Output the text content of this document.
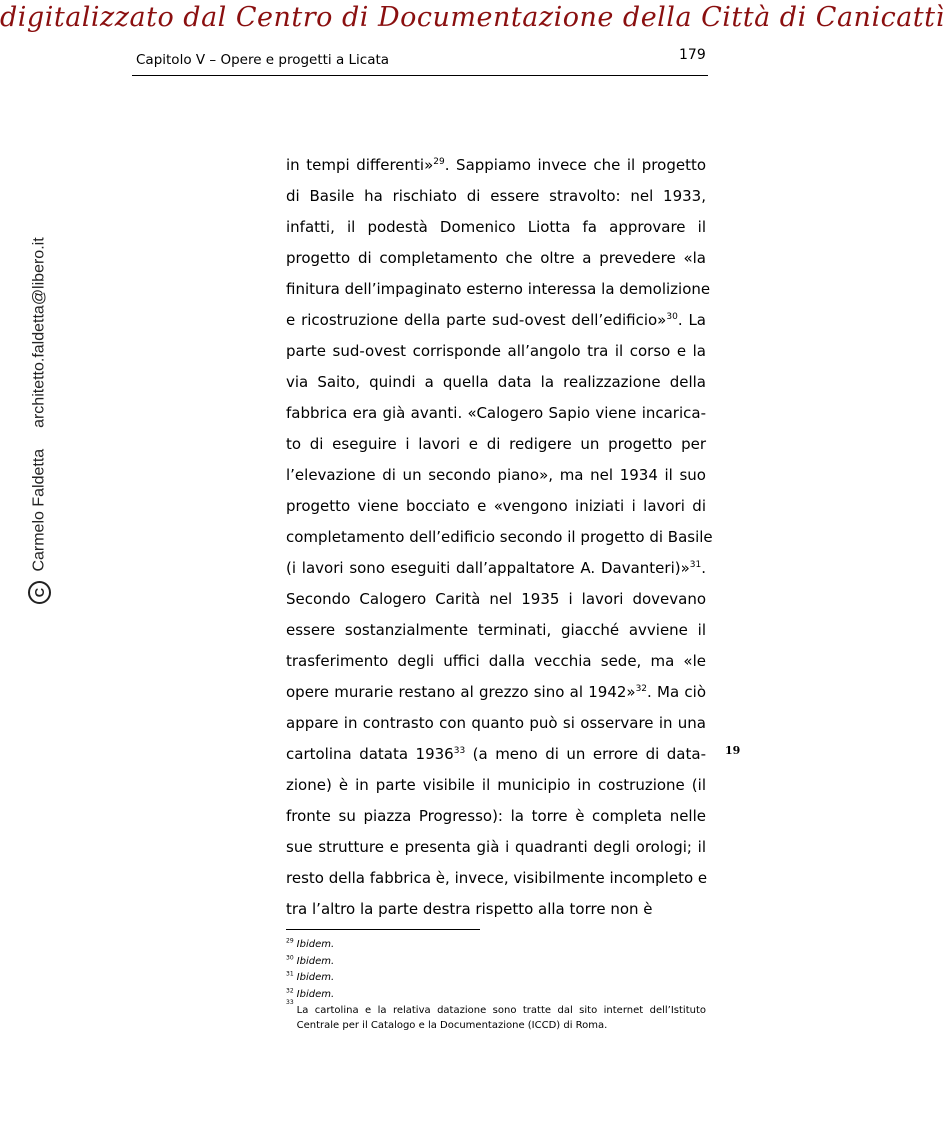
digitalizzato dal Centro di Documentazione della Città di Canicattì
Capitolo V – Opere e progetti a Licata	179
C Carmelo Faldetta  architetto.faldetta@libero.it
in tempi differenti»$^{29}$. Sappiamo invece che il progetto
di Basile ha rischiato di essere stravolto: nel 1933,
infatti, il podestà Domenico Liotta fa approvare il
progetto di completamento che oltre a prevedere «la
finitura dell’impaginato esterno interessa la demolizione
e ricostruzione della parte sud-ovest dell’edificio»$^{30}$. La
parte sud-ovest corrisponde all’angolo tra il corso e la
via Saito, quindi a quella data la realizzazione della
fabbrica era già avanti. «Calogero Sapio viene incarica-
to di eseguire i lavori e di redigere un progetto per
l’elevazione di un secondo piano», ma nel 1934 il suo
progetto viene bocciato e «vengono iniziati i lavori di
completamento dell’edificio secondo il progetto di Basile
(i lavori sono eseguiti dall’appaltatore A. Davanteri)»$^{31}$.
Secondo Calogero Carità nel 1935 i lavori dovevano
essere sostanzialmente terminati, giacché avviene il
trasferimento degli uffici dalla vecchia sede, ma «le
opere murarie restano al grezzo sino al 1942»$^{32}$. Ma ciò
appare in contrasto con quanto può si osservare in una
cartolina datata 1936$^{33}$ (a meno di un errore di data-
zione) è in parte visibile il municipio in costruzione (il
fronte su piazza Progresso): la torre è completa nelle
sue strutture e presenta già i quadranti degli orologi; il
resto della fabbrica è, invece, visibilmente incompleto e
tra l’altro la parte destra rispetto alla torre non è
19
$^{29}$ Ibidem.
$^{30}$ Ibidem.
$^{31}$ Ibidem.
$^{32}$ Ibidem.
33
La cartolina e la relativa datazione sono tratte dal sito internet dell’Istituto
Centrale per il Catalogo e la Documentazione (ICCD) di Roma.
